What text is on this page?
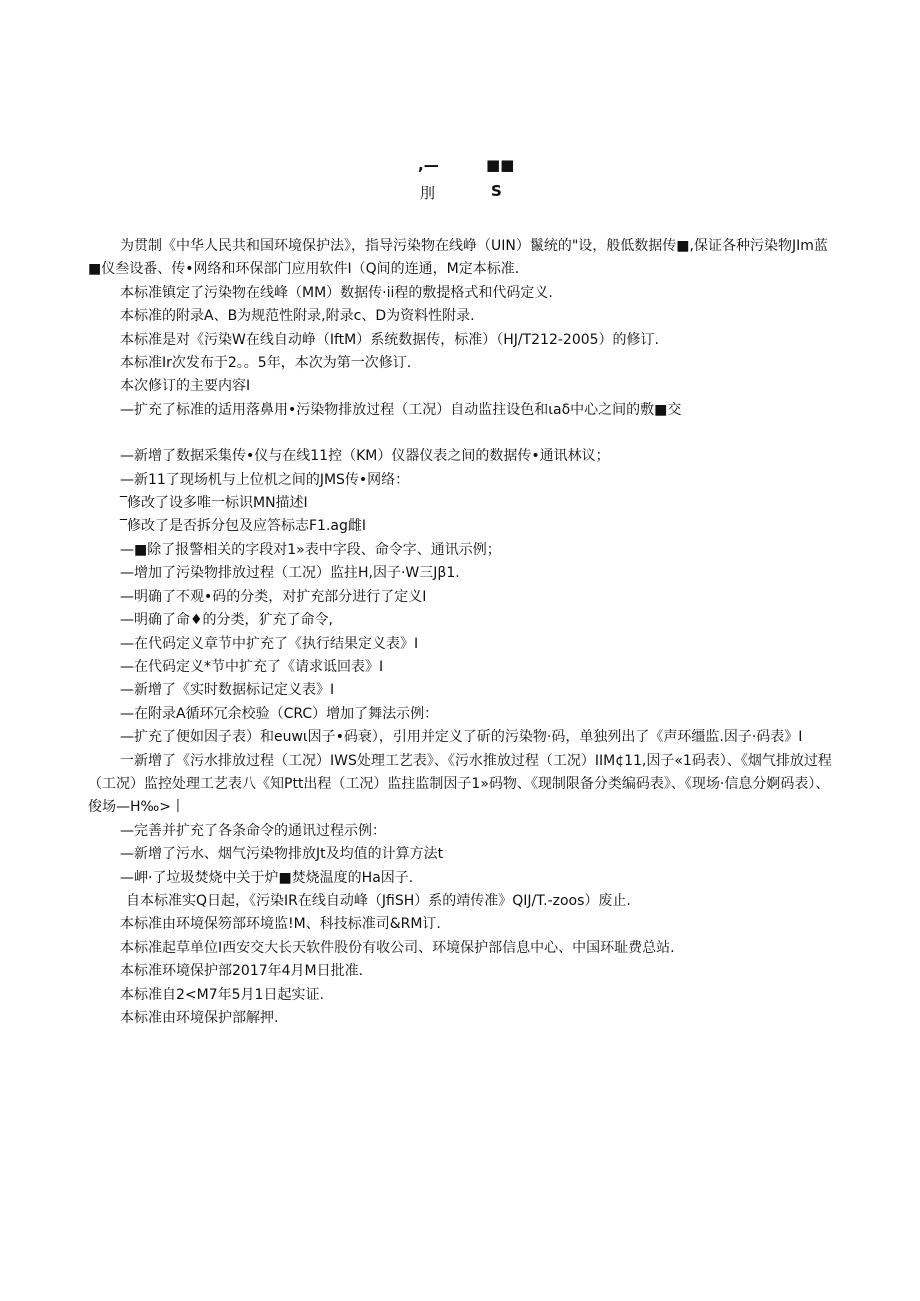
,—	■■
刖	S

为贯制《中华人民共和国环境保护法》，指导污染物在线峥（UIN）鬣统的"设，般低数据传■,保证各种污染物JIm蓝■仪叁设番、传•网络和环保部门应用软件I（Q间的连通，M定本标准.

本标准镇定了污染物在线峰（MM）数据传·ii程的敷提格式和代码定义.

本标准的附录A、B为规范性附录,附录c、D为资料性附录.

本标准是对《污染W在线自动峥（IftM）系统数据传，标准）（HJ/T212-2005）的修订.

本标准Ir次发布于2。。5年，本次为第一次修订.

本次修订的主要内容I

—扩充了标准的适用落鼻用•污染物排放过程（工况）自动监拄设色和ιaδ中心之间的敷■交

—新增了数据采集传•仪与在线11控（KM）仪器仪表之间的数据传•通讯林议；

—新11了现场机与上位机之间的JMS传•网络：

‾修改了设多唯一标识MN描述I

‾修改了是否拆分包及应答标志F1.ag雌I

—■除了报警相关的字段对1»表中字段、命令字、通讯示例；

—增加了污染物排放过程（工况）监拄H,因子·W三Jβ1.

—明确了不观•码的分类，对扩充部分进行了定义I

—明确了命♦的分类，犷充了命令,

—在代码定义章节中扩充了《执行结果定义表》I

—在代码定义*节中扩充了《请求诋回表》I

—新增了《实时数据标记定义表》I

—在附录A循环冗余校验（CRC）增加了舞法示例：

—扩充了便如因子表）和euwι因子•码衰），引用并定义了斫的污染物·码，单独列出了《声环缰监.因子·码表》I

一新增了《污水排放过程（工况）IWS处理工艺表》、《污水推放过程（工况）IIM¢11,因子«1码表）、《烟气排放过程（工况）监控处理工艺表八《知Ptt出程（工况）监拄监制因子1»码物、《现制限备分类编码表》、《现场·信息分婀码表）、俊场—H‰>丨

—完善并扩充了各条命令的通讯过程示例：

—新增了污水、烟气污染物排放Jt及均值的计算方法t

—岬·了垃圾焚烧中关于炉■焚烧温度的Ha因子.

自本标准实Q日起，《污染IR在线自动峰（JfiSH）系的靖传准》QIJ/T.-zoos）废止.

本标准由环境保笏部环境监!M、科技标准司&RM订.

本标准起草单位I西安交大长天软件股份有收公司、环境保护部信息中心、中国环耻费总站.

本标准环境保护部2017年4月M日批准.

本标准自2<M7年5月1日起实证.

本标准由环境保护部解押.
